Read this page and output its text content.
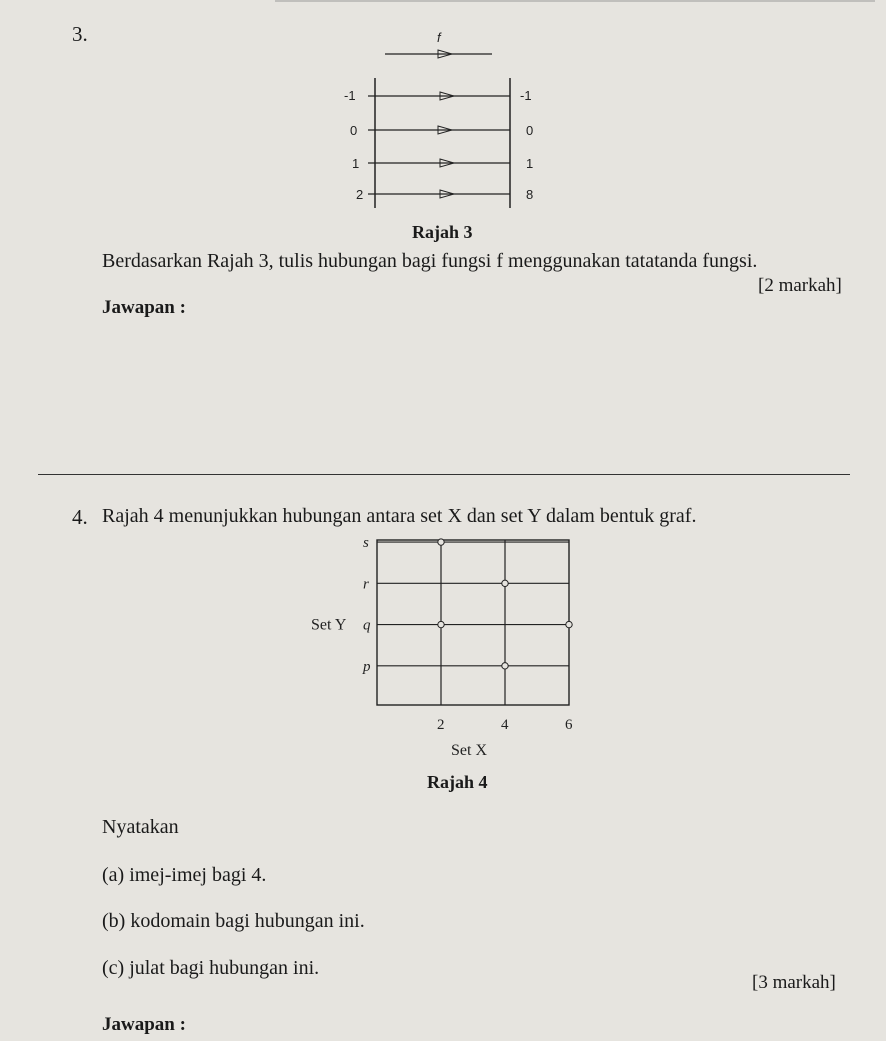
3.	f
-1	-1
0	0
1	1
2	8
Rajah 3
Berdasarkan Rajah 3, tulis hubungan bagi fungsi f menggunakan tatatanda fungsi.
[2 markah]
Jawapan :
4. Rajah 4 menunjukkan hubungan antara set X dan set Y dalam bentuk graf.
2	4	6
p
q
r
s
Set Y
Set X
Rajah 4
Nyatakan
(a) imej-imej bagi 4.
(b) kodomain bagi hubungan ini.
(c) julat bagi hubungan ini.
[3 markah]
Jawapan :
